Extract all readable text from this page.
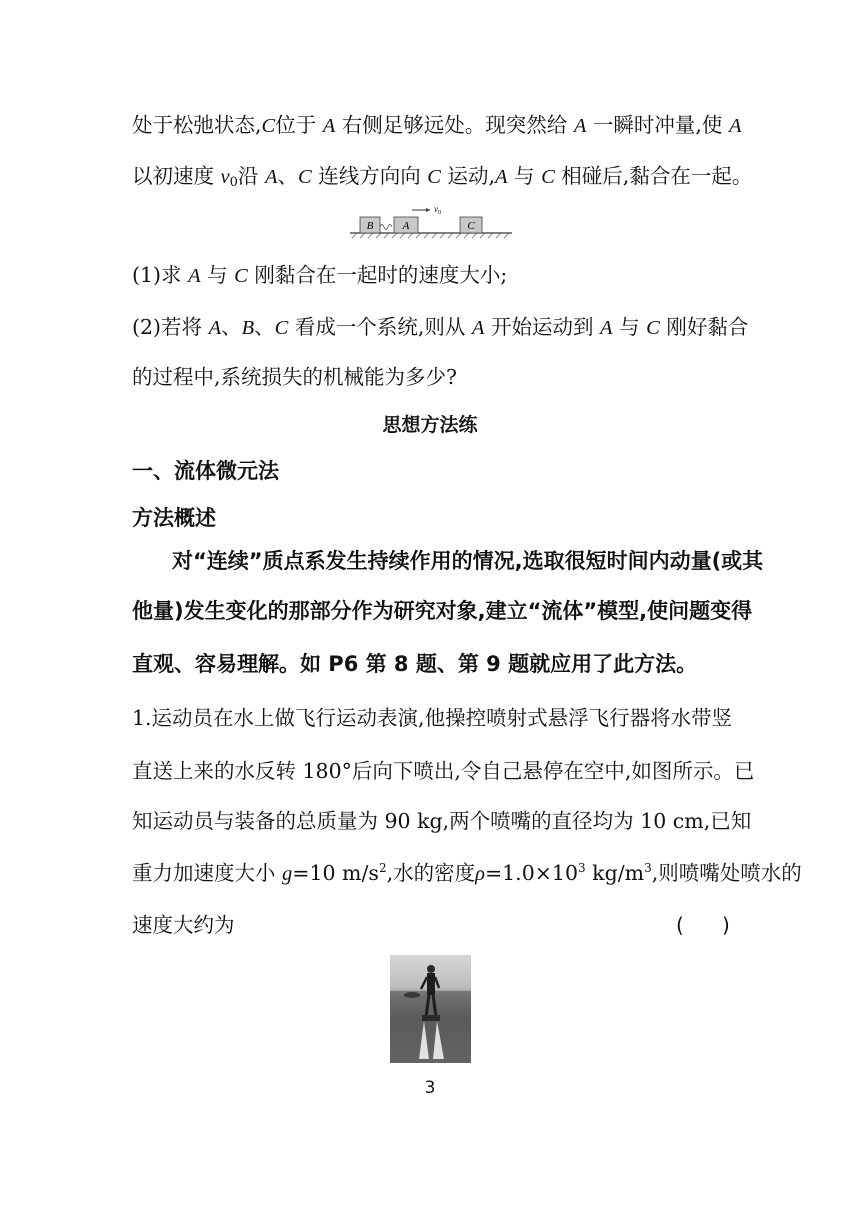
处于松弛状态,C位于 A 右侧足够远处。现突然给 A 一瞬时冲量,使 A
以初速度 $v_0$沿 A、C 连线方向向 C 运动,A 与 C 相碰后,黏合在一起。
B	A
$v_0$
C
(1)求 A 与 C 刚黏合在一起时的速度大小;
(2)若将 A、B、C 看成一个系统,则从 A 开始运动到 A 与 C 刚好黏合
的过程中,系统损失的机械能为多少?
思想方法练
一、流体微元法
方法概述
对“连续”质点系发生持续作用的情况,选取很短时间内动量(或其
他量)发生变化的那部分作为研究对象,建立“流体”模型,使问题变得
直观、容易理解。如 P6 第 8 题、第 9 题就应用了此方法。
1.运动员在水上做飞行运动表演,他操控喷射式悬浮飞行器将水带竖
直送上来的水反转 180°后向下喷出,令自己悬停在空中,如图所示。已
知运动员与装备的总质量为 90 kg,两个喷嘴的直径均为 10 cm,已知
重力加速度大小 g=10 $m/s^2$,水的密度$\rho=1.0\times 10^3$ $kg/m^3$,则喷嘴处喷水的
速度大约为	(      )
3
